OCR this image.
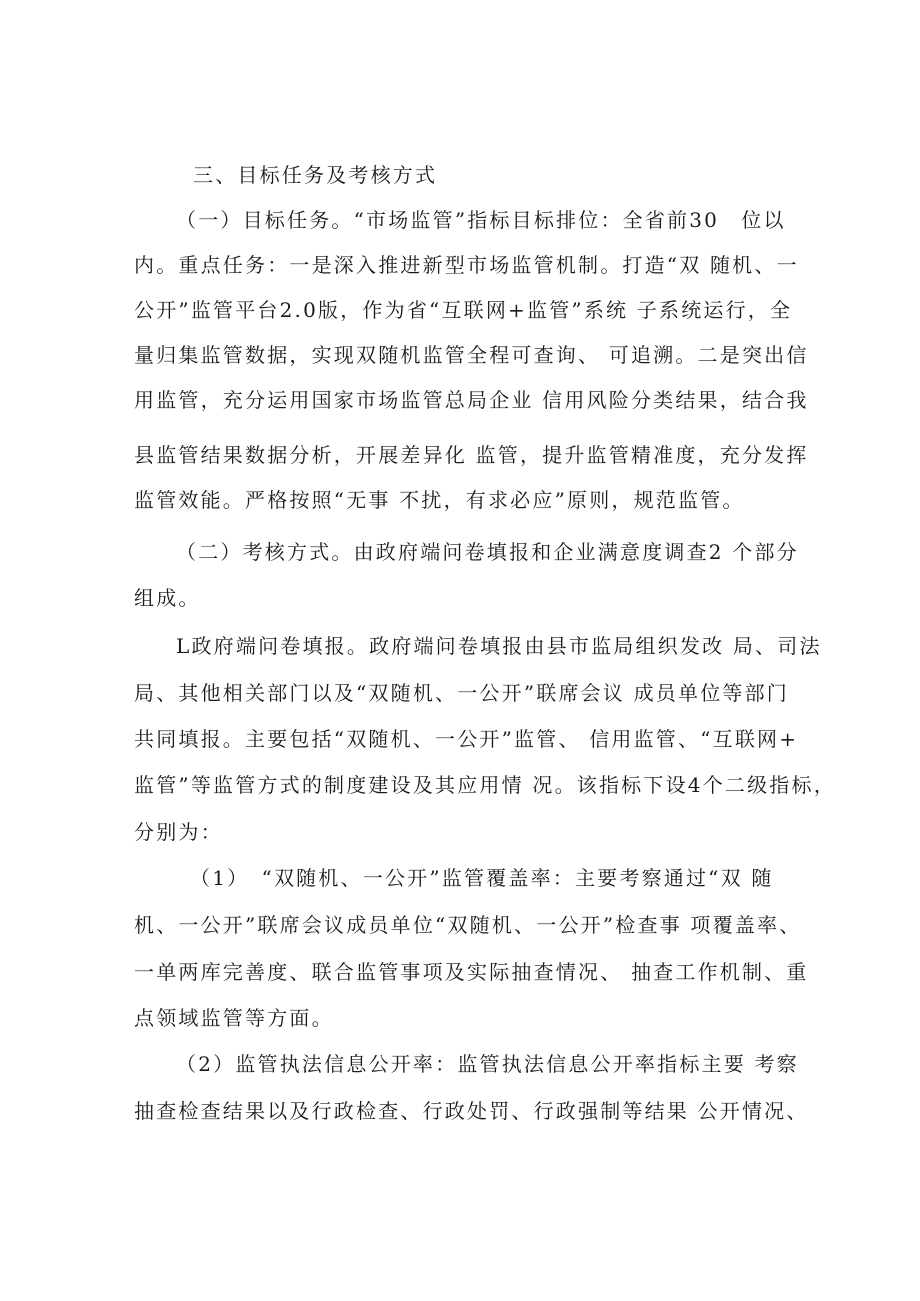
三、目标任务及考核方式
（一）目标任务。“市场监管”指标目标排位：全省前30　位以
内。重点任务：一是深入推进新型市场监管机制。打造“双 随机、一
公开”监管平台2.0版，作为省“互联网+监管”系统 子系统运行，全
量归集监管数据，实现双随机监管全程可查询、 可追溯。二是突出信
用监管，充分运用国家市场监管总局企业 信用风险分类结果，结合我
县监管结果数据分析，开展差异化 监管，提升监管精准度，充分发挥
监管效能。严格按照“无事 不扰，有求必应”原则，规范监管。
（二）考核方式。由政府端问卷填报和企业满意度调查2 个部分
组成。
L政府端问卷填报。政府端问卷填报由县市监局组织发改 局、司法
局、其他相关部门以及“双随机、一公开”联席会议 成员单位等部门
共同填报。主要包括“双随机、一公开”监管、 信用监管、“互联网+
监管”等监管方式的制度建设及其应用情 况。该指标下设4个二级指标，
分别为：
（1）　“双随机、一公开”监管覆盖率：主要考察通过“双 随
机、一公开”联席会议成员单位“双随机、一公开”检查事 项覆盖率、
一单两库完善度、联合监管事项及实际抽查情况、 抽查工作机制、重
点领域监管等方面。
（2）监管执法信息公开率：监管执法信息公开率指标主要 考察
抽查检查结果以及行政检查、行政处罚、行政强制等结果 公开情况、
